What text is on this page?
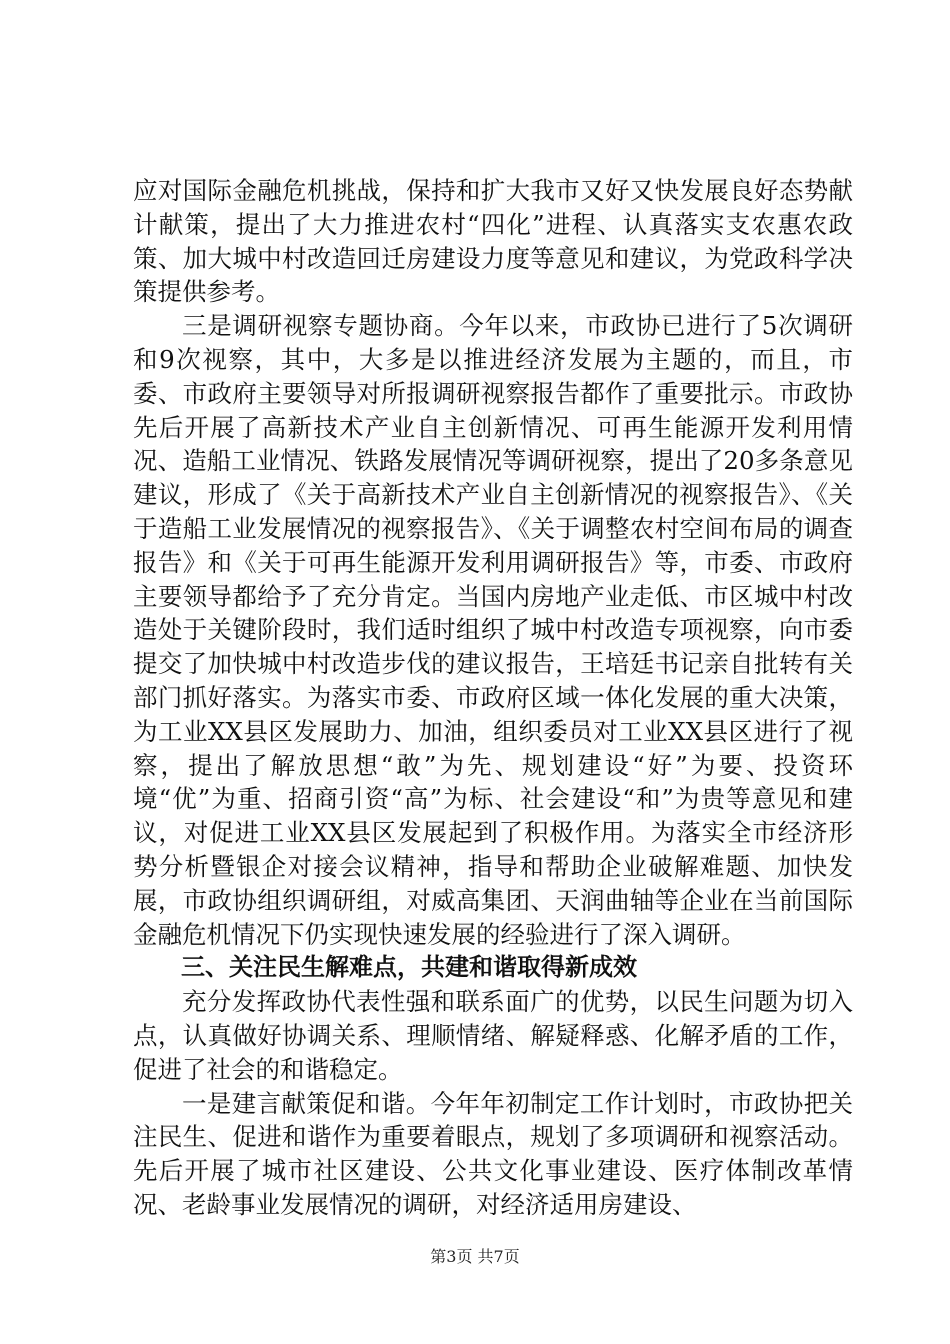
应对国际金融危机挑战，保持和扩大我市又好又快发展良好态势献计献策，提出了大力推进农村“四化”进程、认真落实支农惠农政策、加大城中村改造回迁房建设力度等意见和建议，为党政科学决策提供参考。

三是调研视察专题协商。今年以来，市政协已进行了5次调研和9次视察，其中，大多是以推进经济发展为主题的，而且，市委、市政府主要领导对所报调研视察报告都作了重要批示。市政协先后开展了高新技术产业自主创新情况、可再生能源开发利用情况、造船工业情况、铁路发展情况等调研视察，提出了20多条意见建议，形成了《关于高新技术产业自主创新情况的视察报告》、《关于造船工业发展情况的视察报告》、《关于调整农村空间布局的调查报告》和《关于可再生能源开发利用调研报告》等，市委、市政府主要领导都给予了充分肯定。当国内房地产业走低、市区城中村改造处于关键阶段时，我们适时组织了城中村改造专项视察，向市委提交了加快城中村改造步伐的建议报告，王培廷书记亲自批转有关部门抓好落实。为落实市委、市政府区域一体化发展的重大决策，为工业XX县区发展助力、加油，组织委员对工业XX县区进行了视察，提出了解放思想“敢”为先、规划建设“好”为要、投资环境“优”为重、招商引资“高”为标、社会建设“和”为贵等意见和建议，对促进工业XX县区发展起到了积极作用。为落实全市经济形势分析暨银企对接会议精神，指导和帮助企业破解难题、加快发展，市政协组织调研组，对威高集团、天润曲轴等企业在当前国际金融危机情况下仍实现快速发展的经验进行了深入调研。

三、关注民生解难点，共建和谐取得新成效

充分发挥政协代表性强和联系面广的优势，以民生问题为切入点，认真做好协调关系、理顺情绪、解疑释惑、化解矛盾的工作，促进了社会的和谐稳定。

一是建言献策促和谐。今年年初制定工作计划时，市政协把关注民生、促进和谐作为重要着眼点，规划了多项调研和视察活动。先后开展了城市社区建设、公共文化事业建设、医疗体制改革情况、老龄事业发展情况的调研，对经济适用房建设、

第3页 共7页
